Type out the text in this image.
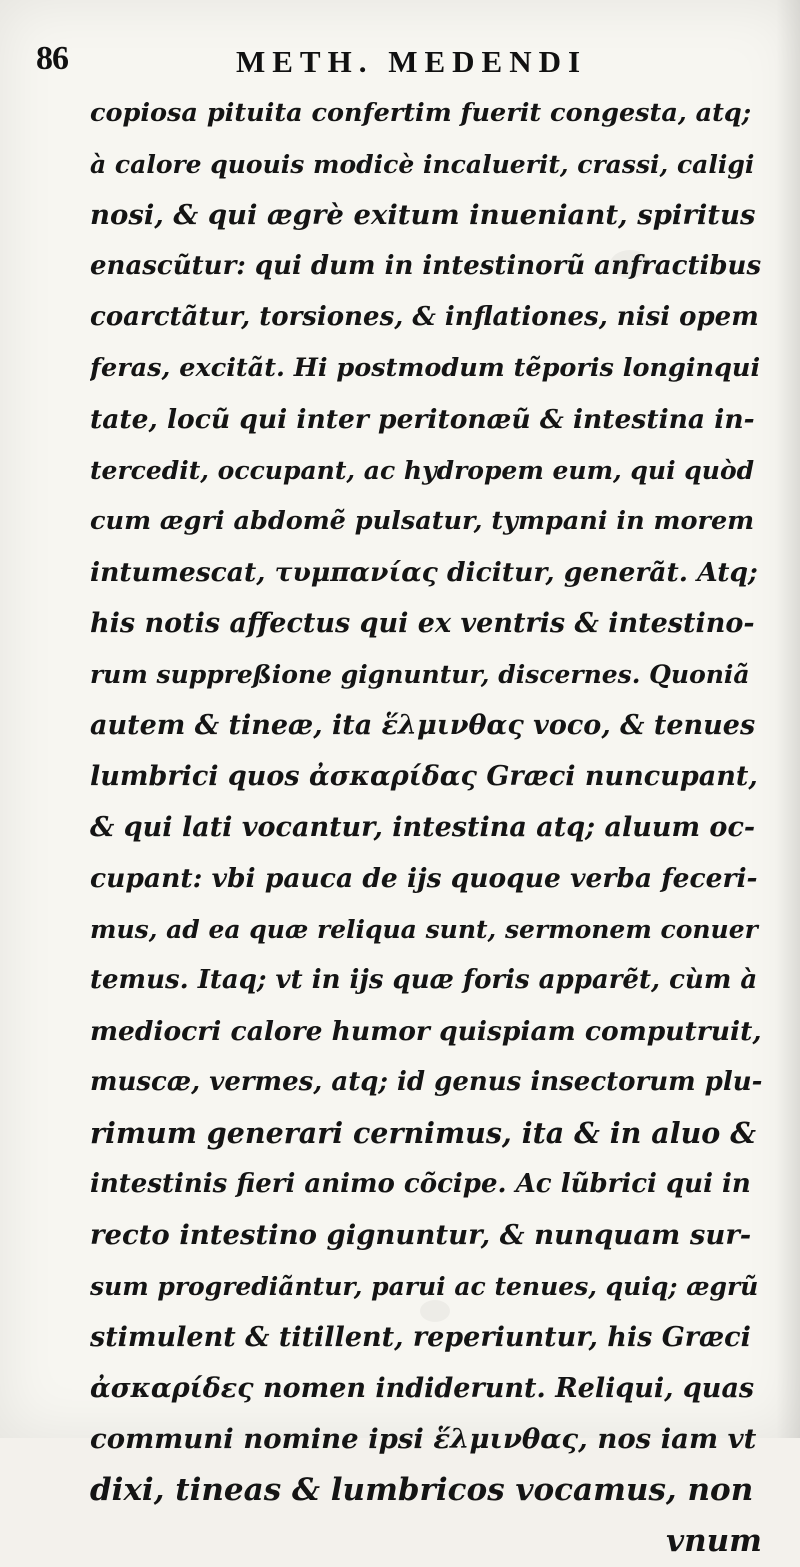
86	METH. MEDENDI
copiosa pituita confertim fuerit congesta, atq;
à calore quouis modicè incaluerit, crassi, caligi
nosi, & qui ægrè exitum inueniant, spiritus
enascũtur: qui dum in intestinorũ anfractibus
coarctãtur, torsiones, & inflationes, nisi opem
feras, excitãt. Hi postmodum tẽporis longinqui
tate, locũ qui inter peritonæũ & intestina in-
tercedit, occupant, ac hydropem eum, qui quòd
cum ægri abdomẽ pulsatur, tympani in morem
intumescat, τυμπανίας dicitur, generãt. Atq;
his notis affectus qui ex ventris & intestino-
rum suppreßione gignuntur, discernes. Quoniã
autem & tineæ, ita ἕλμινθας voco, & tenues
lumbrici quos ἀσκαρίδας Græci nuncupant,
& qui lati vocantur, intestina atq; aluum oc-
cupant: vbi pauca de ijs quoque verba feceri-
mus, ad ea quæ reliqua sunt, sermonem conuer
temus. Itaq; vt in ijs quæ foris apparẽt, cùm à
mediocri calore humor quispiam computruit,
muscæ, vermes, atq; id genus insectorum plu-
rimum generari cernimus, ita & in aluo &
intestinis fieri animo cõcipe. Ac lũbrici qui in
recto intestino gignuntur, & nunquam sur-
sum progrediãntur, parui ac tenues, quiq; ægrũ
stimulent & titillent, reperiuntur, his Græci
ἀσκαρίδες nomen indiderunt. Reliqui, quas
communi nomine ipsi ἕλμινθας, nos iam vt
dixi, tineas & lumbricos vocamus, non
vnum
